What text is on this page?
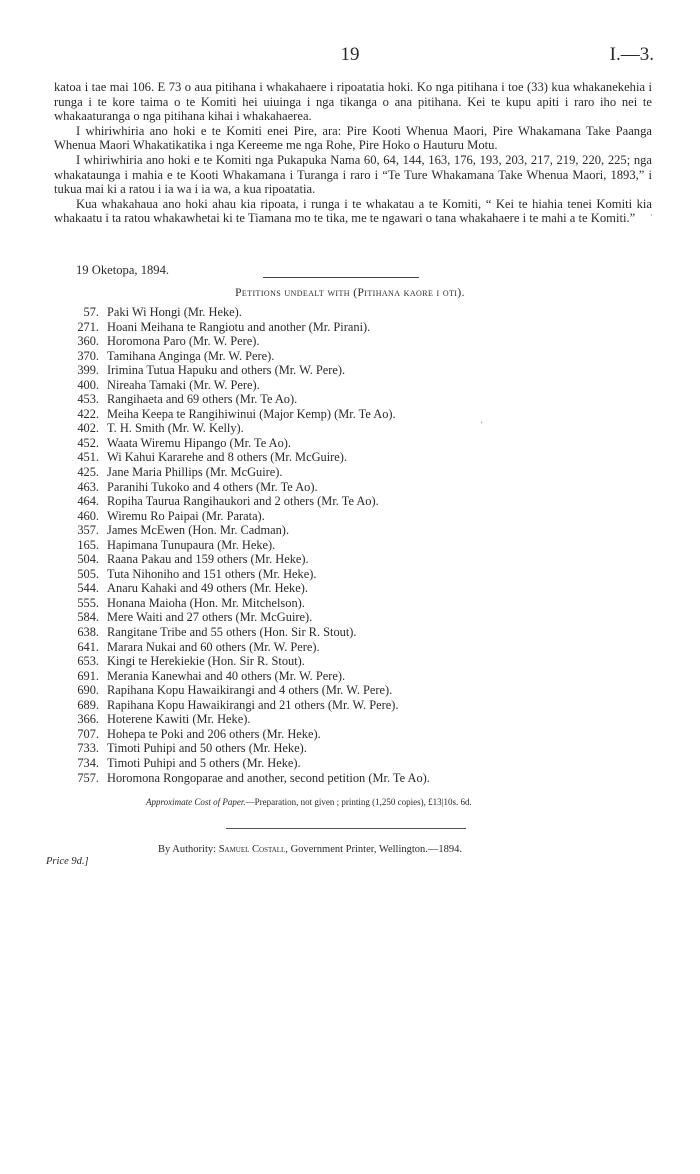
19	I.—3.

katoa i tae mai 106. E 73 o aua pitihana i whakahaere i ripoatatia hoki. Ko nga pitihana i toe (33) kua whakanekehia i runga i te kore taima o te Komiti hei uiuinga i nga tikanga o ana pitihana. Kei te kupu apiti i raro iho nei te whakaaturanga o nga pitihana kihai i whakahaerea.

I whiriwhiria ano hoki e te Komiti enei Pire, ara: Pire Kooti Whenua Maori, Pire Whakamana Take Paanga Whenua Maori Whakatikatika i nga Kereeme me nga Rohe, Pire Hoko o Hauturu Motu.

I whiriwhiria ano hoki e te Komiti nga Pukapuka Nama 60, 64, 144, 163, 176, 193, 203, 217, 219, 220, 225; nga whakataunga i mahia e te Kooti Whakamana i Turanga i raro i “Te Ture Whakamana Take Whenua Maori, 1893,” i tukua mai ki a ratou i ia wa i ia wa, a kua ripoatatia.

Kua whakahaua ano hoki ahau kia ripoata, i runga i te whakatau a te Komiti, “ Kei te hiahia tenei Komiti kia whakaatu i ta ratou whakawhetai ki te Tiamana mo te tika, me te ngawari o tana whakahaere i te mahi a te Komiti.”

19 Oketopa, 1894.
Petitions undealt with (Pitihana kaore i oti).
57. Paki Wi Hongi (Mr. Heke).
271. Hoani Meihana te Rangiotu and another (Mr. Pirani).
360. Horomona Paro (Mr. W. Pere).
370. Tamihana Anginga (Mr. W. Pere).
399. Irimina Tutua Hapuku and others (Mr. W. Pere).
400. Nireaha Tamaki (Mr. W. Pere).
453. Rangihaeta and 69 others (Mr. Te Ao).
422. Meiha Keepa te Rangihiwinui (Major Kemp) (Mr. Te Ao).
402. T. H. Smith (Mr. W. Kelly).
452. Waata Wiremu Hipango (Mr. Te Ao).
451. Wi Kahui Kararehe and 8 others (Mr. McGuire).
425. Jane Maria Phillips (Mr. McGuire).
463. Paranihi Tukoko and 4 others (Mr. Te Ao).
464. Ropiha Taurua Rangihaukori and 2 others (Mr. Te Ao).
460. Wiremu Ro Paipai (Mr. Parata).
357. James McEwen (Hon. Mr. Cadman).
165. Hapimana Tunupaura (Mr. Heke).
504. Raana Pakau and 159 others (Mr. Heke).
505. Tuta Nihoniho and 151 others (Mr. Heke).
544. Anaru Kahaki and 49 others (Mr. Heke).
555. Honana Maioha (Hon. Mr. Mitchelson).
584. Mere Waiti and 27 others (Mr. McGuire).
638. Rangitane Tribe and 55 others (Hon. Sir R. Stout).
641. Marara Nukai and 60 others (Mr. W. Pere).
653. Kingi te Herekiekie (Hon. Sir R. Stout).
691. Merania Kanewhai and 40 others (Mr. W. Pere).
690. Rapihana Kopu Hawaikirangi and 4 others (Mr. W. Pere).
689. Rapihana Kopu Hawaikirangi and 21 others (Mr. W. Pere).
366. Hoterene Kawiti (Mr. Heke).
707. Hohepa te Poki and 206 others (Mr. Heke).
733. Timoti Puhipi and 50 others (Mr. Heke).
734. Timoti Puhipi and 5 others (Mr. Heke).
757. Horomona Rongoparae and another, second petition (Mr. Te Ao).
·
'
Approximate Cost of Paper.—Preparation, not given ; printing (1,250 copies), £13|10s. 6d.
By Authority: Samuel Costall, Government Printer, Wellington.—1894.
Price 9d.]
